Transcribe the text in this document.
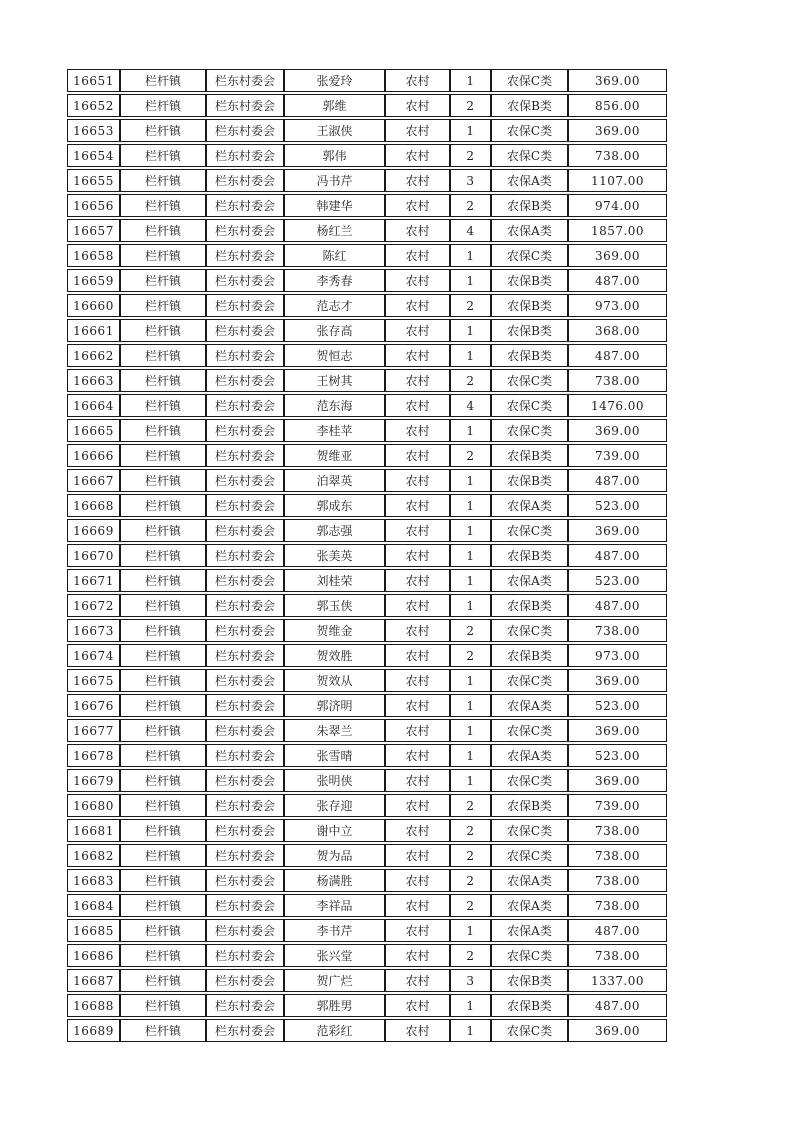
16651	栏杆镇	栏东村委会	张爱玲	农村	1	农保C类	369.00
16652	栏杆镇	栏东村委会	郭维	农村	2	农保B类	856.00
16653	栏杆镇	栏东村委会	王淑侠	农村	1	农保C类	369.00
16654	栏杆镇	栏东村委会	郭伟	农村	2	农保C类	738.00
16655	栏杆镇	栏东村委会	冯书芹	农村	3	农保A类	1107.00
16656	栏杆镇	栏东村委会	韩建华	农村	2	农保B类	974.00
16657	栏杆镇	栏东村委会	杨红兰	农村	4	农保A类	1857.00
16658	栏杆镇	栏东村委会	陈红	农村	1	农保C类	369.00
16659	栏杆镇	栏东村委会	李秀春	农村	1	农保B类	487.00
16660	栏杆镇	栏东村委会	范志才	农村	2	农保B类	973.00
16661	栏杆镇	栏东村委会	张存高	农村	1	农保B类	368.00
16662	栏杆镇	栏东村委会	贺恒志	农村	1	农保B类	487.00
16663	栏杆镇	栏东村委会	王树其	农村	2	农保C类	738.00
16664	栏杆镇	栏东村委会	范东海	农村	4	农保C类	1476.00
16665	栏杆镇	栏东村委会	李桂苹	农村	1	农保C类	369.00
16666	栏杆镇	栏东村委会	贺维亚	农村	2	农保B类	739.00
16667	栏杆镇	栏东村委会	泊翠英	农村	1	农保B类	487.00
16668	栏杆镇	栏东村委会	郭成东	农村	1	农保A类	523.00
16669	栏杆镇	栏东村委会	郭志强	农村	1	农保C类	369.00
16670	栏杆镇	栏东村委会	张美英	农村	1	农保B类	487.00
16671	栏杆镇	栏东村委会	刘桂荣	农村	1	农保A类	523.00
16672	栏杆镇	栏东村委会	郭玉侠	农村	1	农保B类	487.00
16673	栏杆镇	栏东村委会	贺维金	农村	2	农保C类	738.00
16674	栏杆镇	栏东村委会	贺效胜	农村	2	农保B类	973.00
16675	栏杆镇	栏东村委会	贺效从	农村	1	农保C类	369.00
16676	栏杆镇	栏东村委会	郭济明	农村	1	农保A类	523.00
16677	栏杆镇	栏东村委会	朱翠兰	农村	1	农保C类	369.00
16678	栏杆镇	栏东村委会	张雪晴	农村	1	农保A类	523.00
16679	栏杆镇	栏东村委会	张明侠	农村	1	农保C类	369.00
16680	栏杆镇	栏东村委会	张存迎	农村	2	农保B类	739.00
16681	栏杆镇	栏东村委会	谢中立	农村	2	农保C类	738.00
16682	栏杆镇	栏东村委会	贺为品	农村	2	农保C类	738.00
16683	栏杆镇	栏东村委会	杨满胜	农村	2	农保A类	738.00
16684	栏杆镇	栏东村委会	李祥品	农村	2	农保A类	738.00
16685	栏杆镇	栏东村委会	李书芹	农村	1	农保A类	487.00
16686	栏杆镇	栏东村委会	张兴堂	农村	2	农保C类	738.00
16687	栏杆镇	栏东村委会	贺广烂	农村	3	农保B类	1337.00
16688	栏杆镇	栏东村委会	郭胜男	农村	1	农保B类	487.00
16689	栏杆镇	栏东村委会	范彩红	农村	1	农保C类	369.00
